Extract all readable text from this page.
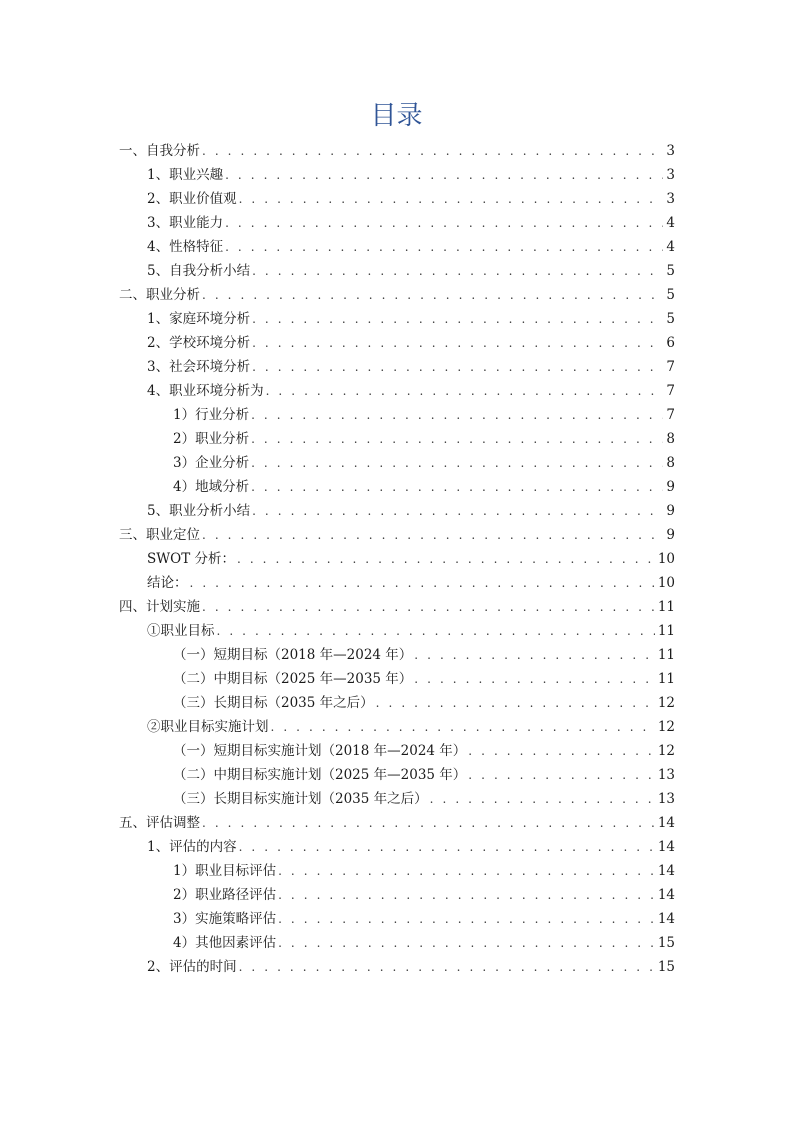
目录
一、自我分析 . . .	3
1、职业兴趣 . . .	3
2、职业价值观 . . .	3
3、职业能力 . . .	4
4、性格特征 . . .	4
5、自我分析小结 . . .	5
二、职业分析 . . .	5
1、家庭环境分析 . . .	5
2、学校环境分析 . . .	6
3、社会环境分析 . . .	7
4、职业环境分析为 . . .	7
1）行业分析 . . .	7
2）职业分析 . . .	8
3）企业分析 . . .	8
4）地域分析 . . .	9
5、职业分析小结 . . .	9
三、职业定位 . . .	9
SWOT 分析： . . .	10
结论： . . .	10
四、计划实施 . . .	11
①职业目标 . . .	11
（一）短期目标（2018 年—2024 年） . . .	11
（二）中期目标（2025 年—2035 年） . . .	11
（三）长期目标（2035 年之后） . . .	12
②职业目标实施计划 . . .	12
（一）短期目标实施计划（2018 年—2024 年） . . .	12
（二）中期目标实施计划（2025 年—2035 年） . . .	13
（三）长期目标实施计划（2035 年之后） . . .	13
五、评估调整 . . .	14
1、评估的内容 . . .	14
1）职业目标评估 . . .	14
2）职业路径评估 . . .	14
3）实施策略评估 . . .	14
4）其他因素评估 . . .	15
2、评估的时间 . . .	15
